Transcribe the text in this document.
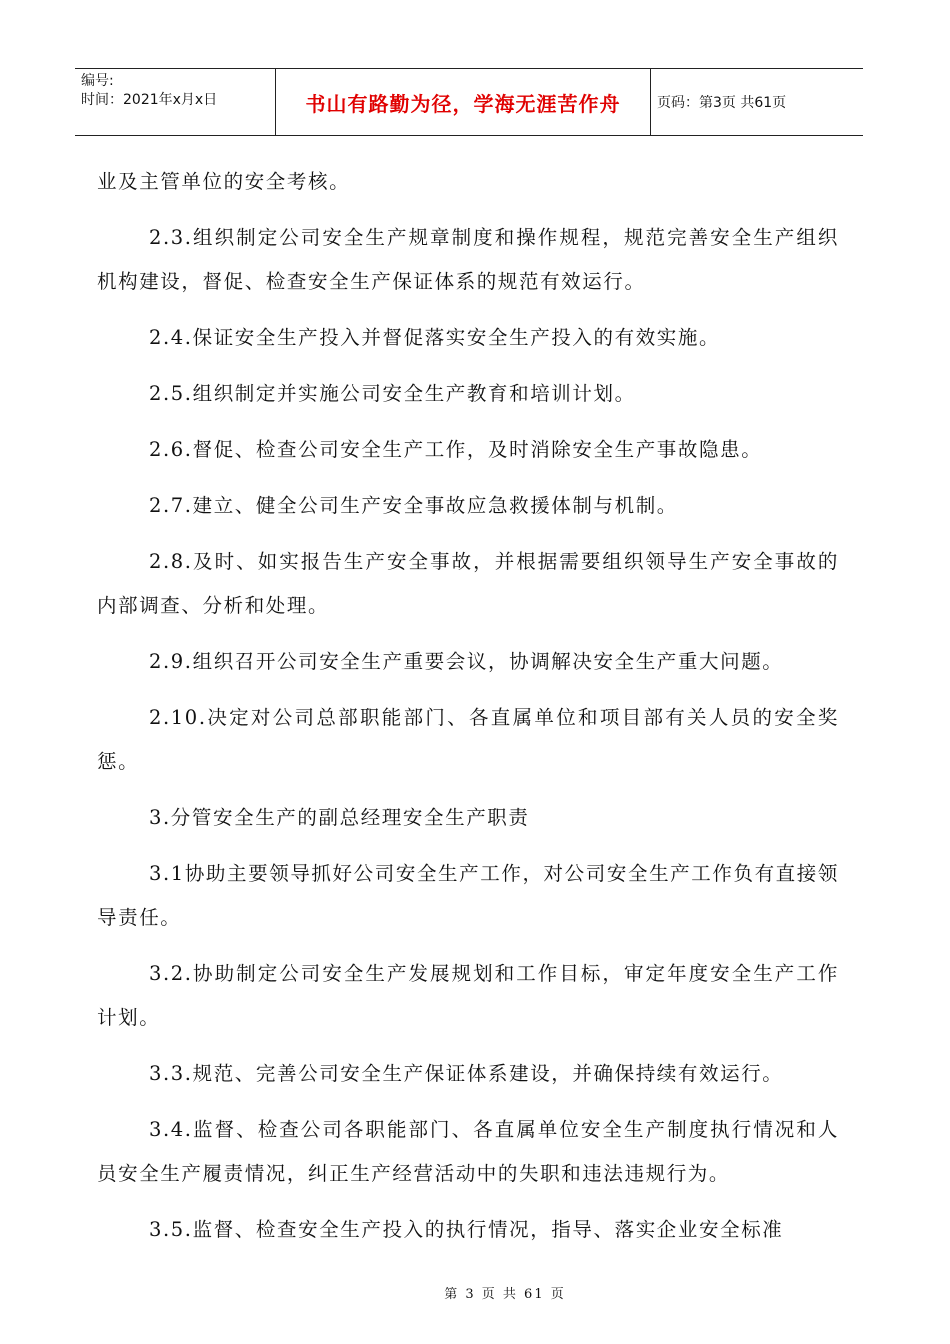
编号:
时间：2021年x月x日	书山有路勤为径，学海无涯苦作舟	页码：第3页 共61页

业及主管单位的安全考核。

2.3.组织制定公司安全生产规章制度和操作规程，规范完善安全生产组织机构建设，督促、检查安全生产保证体系的规范有效运行。

2.4.保证安全生产投入并督促落实安全生产投入的有效实施。

2.5.组织制定并实施公司安全生产教育和培训计划。

2.6.督促、检查公司安全生产工作，及时消除安全生产事故隐患。

2.7.建立、健全公司生产安全事故应急救援体制与机制。

2.8.及时、如实报告生产安全事故，并根据需要组织领导生产安全事故的内部调查、分析和处理。

2.9.组织召开公司安全生产重要会议，协调解决安全生产重大问题。

2.10.决定对公司总部职能部门、各直属单位和项目部有关人员的安全奖惩。

3.分管安全生产的副总经理安全生产职责

3.1协助主要领导抓好公司安全生产工作，对公司安全生产工作负有直接领导责任。

3.2.协助制定公司安全生产发展规划和工作目标，审定年度安全生产工作计划。

3.3.规范、完善公司安全生产保证体系建设，并确保持续有效运行。

3.4.监督、检查公司各职能部门、各直属单位安全生产制度执行情况和人员安全生产履责情况，纠正生产经营活动中的失职和违法违规行为。

3.5.监督、检查安全生产投入的执行情况，指导、落实企业安全标准

第 3 页 共 61 页
